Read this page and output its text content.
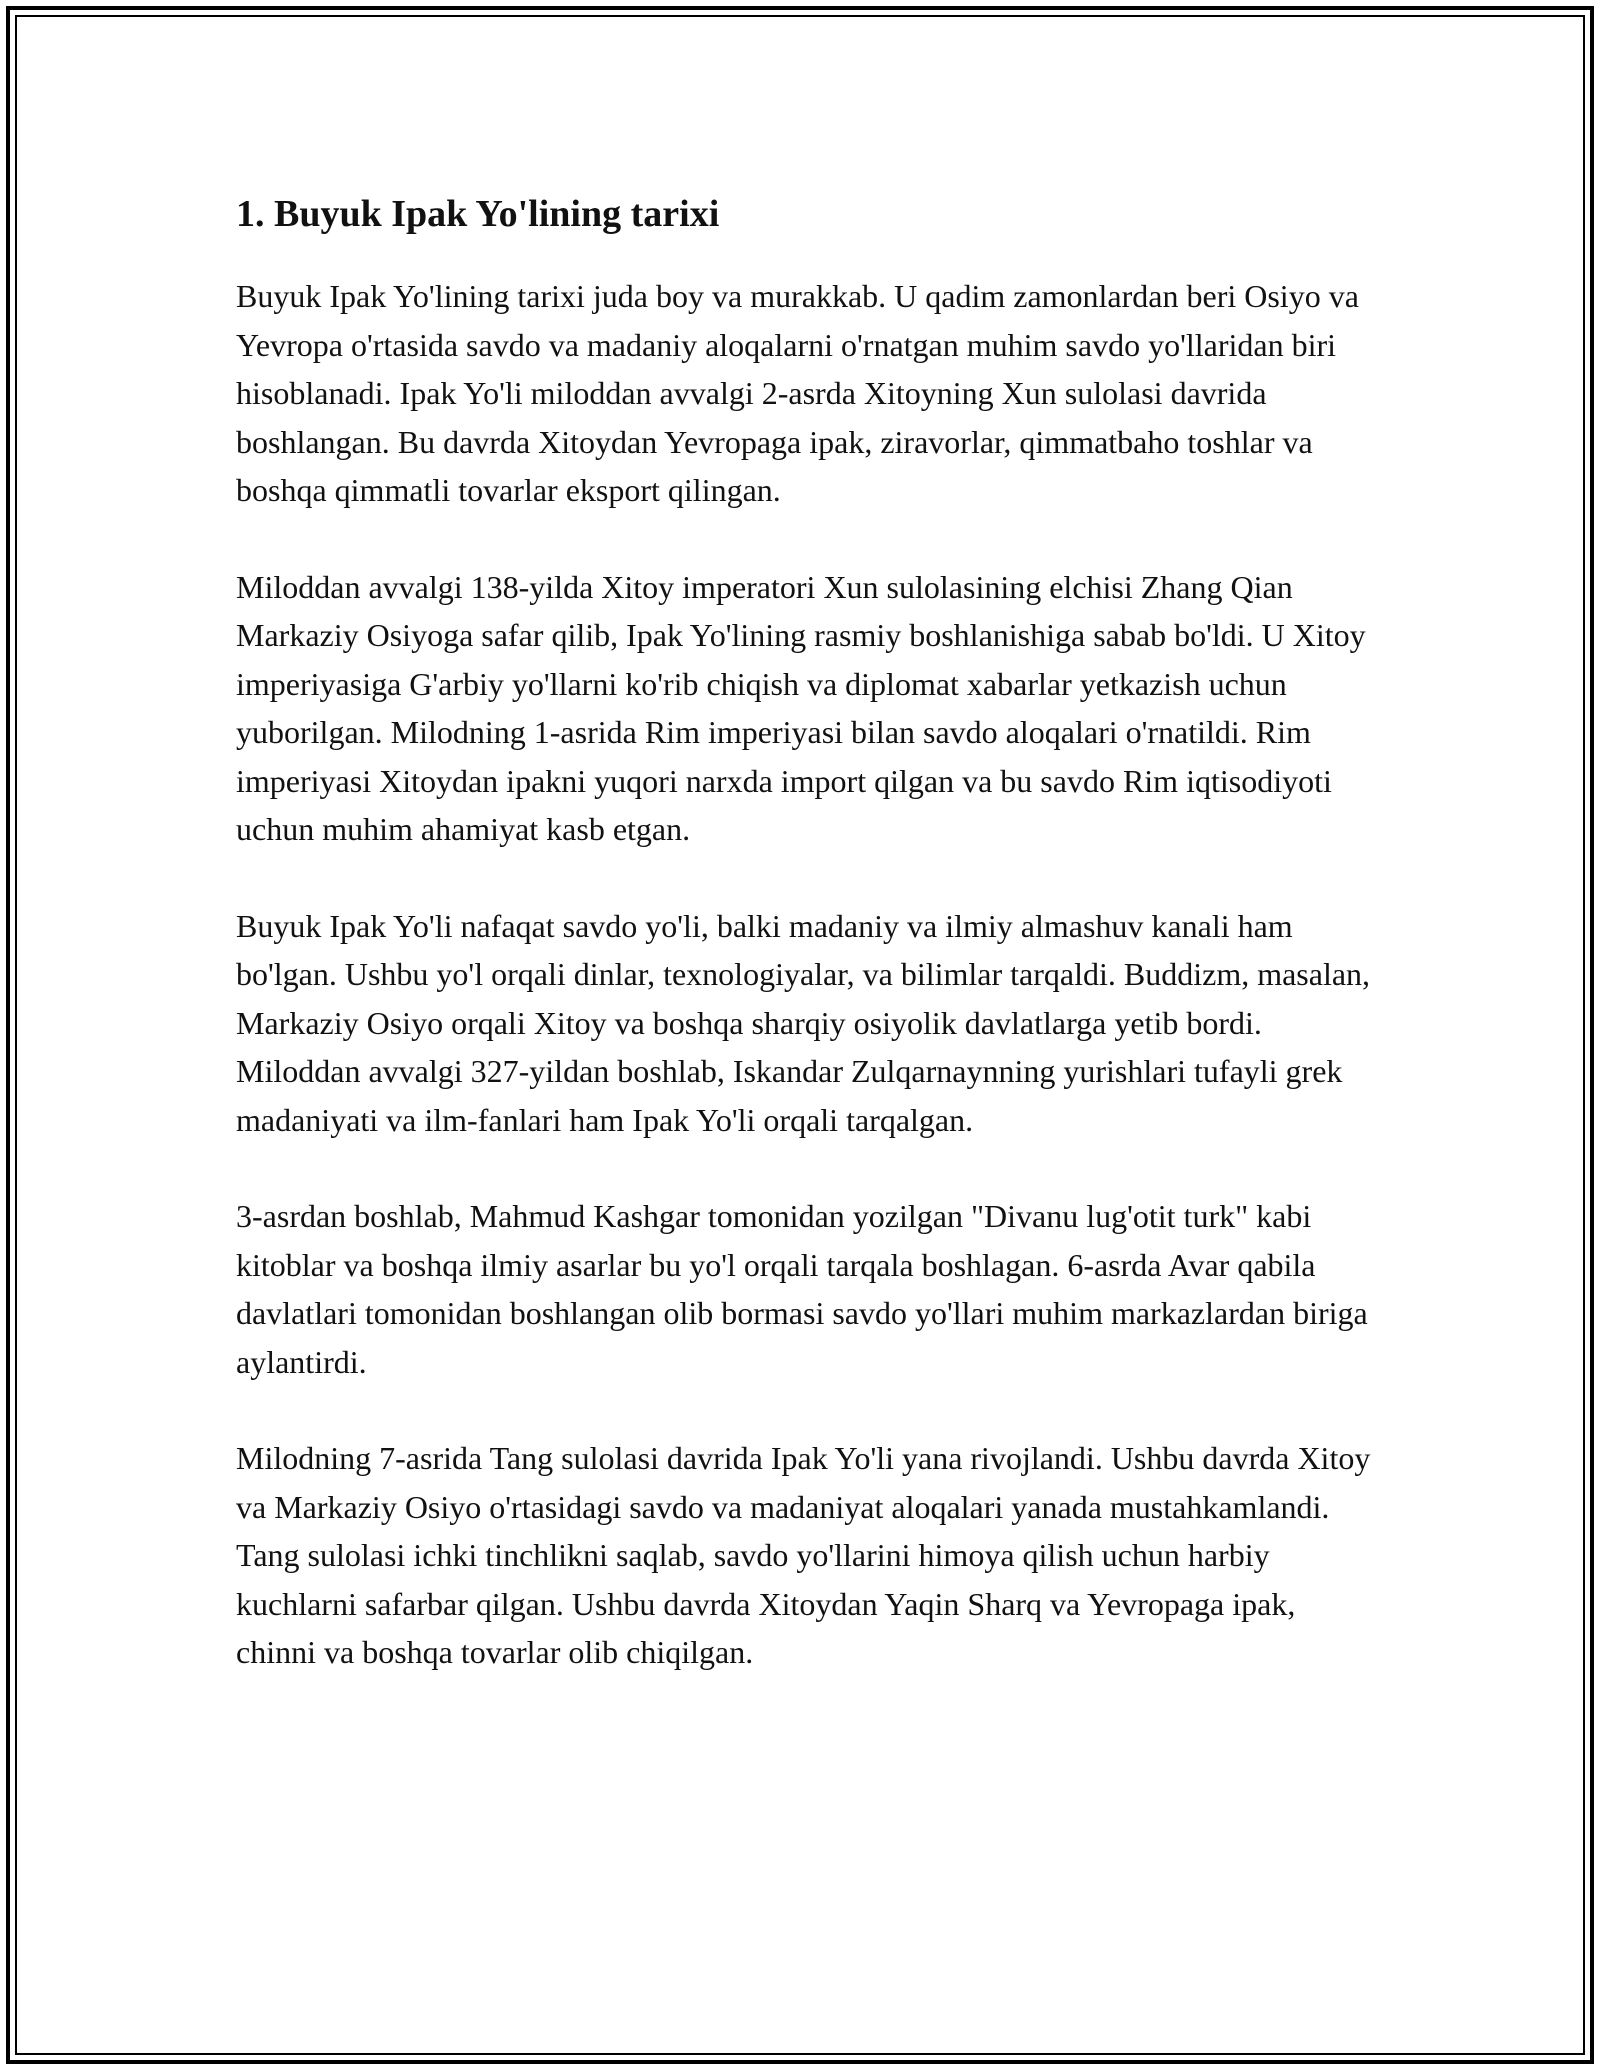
1. Buyuk Ipak Yo'lining tarixi

Buyuk Ipak Yo'lining tarixi juda boy va murakkab. U qadim zamonlardan beri Osiyo va Yevropa o'rtasida savdo va madaniy aloqalarni o'rnatgan muhim savdo yo'llaridan biri hisoblanadi. Ipak Yo'li miloddan avvalgi 2-asrda Xitoyning Xun sulolasi davrida boshlangan. Bu davrda Xitoydan Yevropaga ipak, ziravorlar, qimmatbaho toshlar va boshqa qimmatli tovarlar eksport qilingan.

Miloddan avvalgi 138-yilda Xitoy imperatori Xun sulolasining elchisi Zhang Qian Markaziy Osiyoga safar qilib, Ipak Yo'lining rasmiy boshlanishiga sabab bo'ldi. U Xitoy imperiyasiga G'arbiy yo'llarni ko'rib chiqish va diplomat xabarlar yetkazish uchun yuborilgan. Milodning 1-asrida Rim imperiyasi bilan savdo aloqalari o'rnatildi. Rim imperiyasi Xitoydan ipakni yuqori narxda import qilgan va bu savdo Rim iqtisodiyoti uchun muhim ahamiyat kasb etgan.

Buyuk Ipak Yo'li nafaqat savdo yo'li, balki madaniy va ilmiy almashuv kanali ham bo'lgan. Ushbu yo'l orqali dinlar, texnologiyalar, va bilimlar tarqaldi. Buddizm, masalan, Markaziy Osiyo orqali Xitoy va boshqa sharqiy osiyolik davlatlarga yetib bordi. Miloddan avvalgi 327-yildan boshlab, Iskandar Zulqarnaynning yurishlari tufayli grek madaniyati va ilm-fanlari ham Ipak Yo'li orqali tarqalgan.

3-asrdan boshlab, Mahmud Kashgar tomonidan yozilgan "Divanu lug'otit turk" kabi kitoblar va boshqa ilmiy asarlar bu yo'l orqali tarqala boshlagan. 6-asrda Avar qabila davlatlari tomonidan boshlangan olib bormasi savdo yo'llari muhim markazlardan biriga aylantirdi.

Milodning 7-asrida Tang sulolasi davrida Ipak Yo'li yana rivojlandi. Ushbu davrda Xitoy va Markaziy Osiyo o'rtasidagi savdo va madaniyat aloqalari yanada mustahkamlandi. Tang sulolasi ichki tinchlikni saqlab, savdo yo'llarini himoya qilish uchun harbiy kuchlarni safarbar qilgan. Ushbu davrda Xitoydan Yaqin Sharq va Yevropaga ipak, chinni va boshqa tovarlar olib chiqilgan.
